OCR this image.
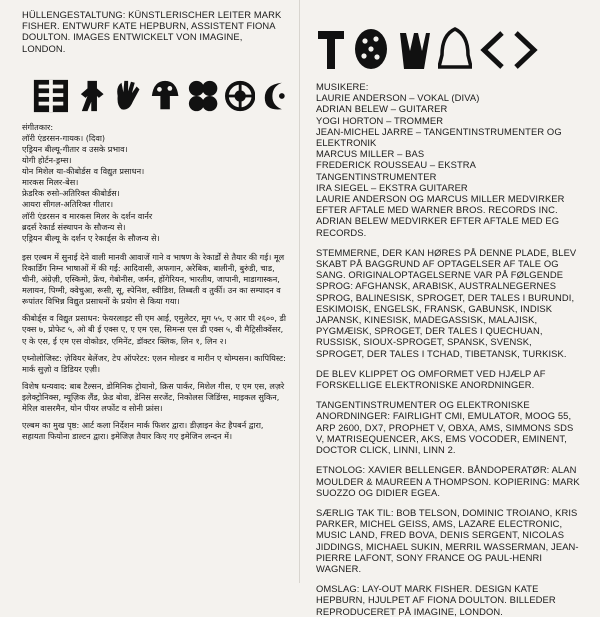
HÜLLENGESTALTUNG: KÜNSTLERISCHER LEITER MARK FISHER. ENTWURF KATE HEPBURN, ASSISTENT FIONA DOULTON. IMAGES ENTWICKELT VON IMAGINE, LONDON.

संगीतकार:
लॉरी एंडरसन-गायक। (दिवा)
एड्रियन बील्यू-गीतार व उसके प्रभाव।
योगी होर्टन-ड्रम्स।
योन मिशेल या-कीबोर्डस व विद्युत प्रसाधन।
मारकस मिलर-बेस।
फ्रेडरिक रुसो-अतिरिक्त कीबोर्डस।
आयरा सीगल-अतिरिक्त गीतार।
लॉरी एंडरसन व मारकस मिलर के दर्शन वार्नर
ब्रदर्स रेकार्ड संस्थापन के सौजन्य से।
एड्रियन बील्यू के दर्शन ए रेकार्ड्स के सौजन्य से।

इस एल्बम में सुनाई देने वाली मानवी आवाजें गाने व भाषण के रेकार्डों से तैयार की गई। मूल रिकार्डिंग निम्न भाषाओं में की गई: आदिवासी, अफगान, अरेबिक, बालीनी, बुरुंडी, चाड, चीनी, अंग्रेज़ी, एस्किमो, फ्रेंच, गेबोनीस, जर्मन, होंगेरियन, भारतीय, जापानी, माडागास्कन, मलायन, पिग्मी, क्वेचुआ, रूसी, सू, स्पेनिश, स्वीडिश, तिब्बती व तुर्की। उन का सम्पादन व रूपांतर विभिन्न विद्युत प्रसाधनों के प्रयोग से किया गया।

कीबोर्ड्स व विद्युत प्रसाधन: फेयरलाइट सी एम आई, एमुलेटर, मूग ५५, ए आर पी २६००, डी एक्स ७, प्रोफेट ५, ओ बी ई एक्स ए, ए एम एस, सिमन्स एस डी एक्स ५, वी मैट्रिसीक्वेंसर, ए के एस, ई एम एस वोकोडर, एमिनेंट, डॉक्टर क्लिक, लिन १, लिन २।

एथ्नोलोजिस्ट: ज़ेवियर बेलेंजर, टेप ऑपरेटर: एलन मोल्डर व मारीन ए थोम्पसन। कापियिस्ट: मार्क सुज़ो व डिडियर एज़ी।

विशेष धन्यवाद: बाब टैल्सन, डोमिनिक ट्रोयानो, क्रिस पार्कर, मिशेल गीस, ए एम एस, लज़रे इलेक्ट्रोनिक्स, म्यूज़िक लैंड, फ्रेड बोवा, डेनिस सरजेंट, निकोलस जिडिंग्स, माइकल सुकिन, मेरिल वासरमैन, योन पीयर लफोंट व सोनी फ्रांस।

एल्बम का मुख पृष्ठ: आर्ट कला निर्देशन मार्क फिशर द्वारा। डीज़ाइन केट हैपबर्न द्वारा, सहायता फियोना डाल्टन द्वारा। इमेजिज़ तैयार किए गए इमेजिन लन्दन में।

MUSIKERE:
LAURIE ANDERSON – VOKAL (DIVA)
ADRIAN BELEW – GUITARER
YOGI HORTON – TROMMER
JEAN-MICHEL JARRE – TANGENTINSTRUMENTER OG ELEKTRONIK
MARCUS MILLER – BAS
FREDERICK ROUSSEAU – EKSTRA TANGENTINSTRUMENTER
IRA SIEGEL – EKSTRA GUITARER
LAURIE ANDERSON OG MARCUS MILLER MEDVIRKER EFTER AFTALE MED WARNER BROS. RECORDS INC.
ADRIAN BELEW MEDVIRKER EFTER AFTALE MED EG RECORDS.

STEMMERNE, DER KAN HØRES PÅ DENNE PLADE, BLEV SKABT PÅ BAGGRUND AF OPTAGELSER AF TALE OG SANG. ORIGINALOPTAGELSERNE VAR PÅ FØLGENDE SPROG: AFGHANSK, ARABISK, AUSTRALNEGERNES SPROG, BALINESISK, SPROGET, DER TALES I BURUNDI, ESKIMOISK, ENGELSK, FRANSK, GABUNSK, INDISK JAPANSK, KINESISK, MADEGASSISK, MALAJISK, PYGMÆISK, SPROGET, DER TALES I QUECHUAN, RUSSISK, SIOUX-SPROGET, SPANSK, SVENSK, SPROGET, DER TALES I TCHAD, TIBETANSK, TURKISK.

DE BLEV KLIPPET OG OMFORMET VED HJÆLP AF FORSKELLIGE ELEKTRONISKE ANORDNINGER.

TANGENTINSTRUMENTER OG ELEKTRONISKE ANORDNINGER: FAIRLIGHT CMI, EMULATOR, MOOG 55, ARP 2600, DX7, PROPHET V, OBXA, AMS, SIMMONS SDS V, MATRISEQUENCER, AKS, EMS VOCODER, EMINENT, DOCTOR CLICK, LINNI, LINN 2.

ETNOLOG: XAVIER BELLENGER. BÅNDOPERATØR: ALAN MOULDER & MAUREEN A THOMPSON. KOPIERING: MARK SUOZZO OG DIDIER EGEA.

SÆRLIG TAK TIL: BOB TELSON, DOMINIC TROIANO, KRIS PARKER, MICHEL GEISS, AMS, LAZARE ELECTRONIC, MUSIC LAND, FRED BOVA, DENIS SERGENT, NICOLAS JIDDINGS, MICHAEL SUKIN, MERRIL WASSERMAN, JEAN-PIERRE LAFONT, SONY FRANCE OG PAUL-HENRI WAGNER.

OMSLAG: LAY-OUT MARK FISHER. DESIGN KATE HEPBURN, HJULPET AF FIONA DOULTON. BILLEDER REPRODUCERET PÅ IMAGINE, LONDON.
